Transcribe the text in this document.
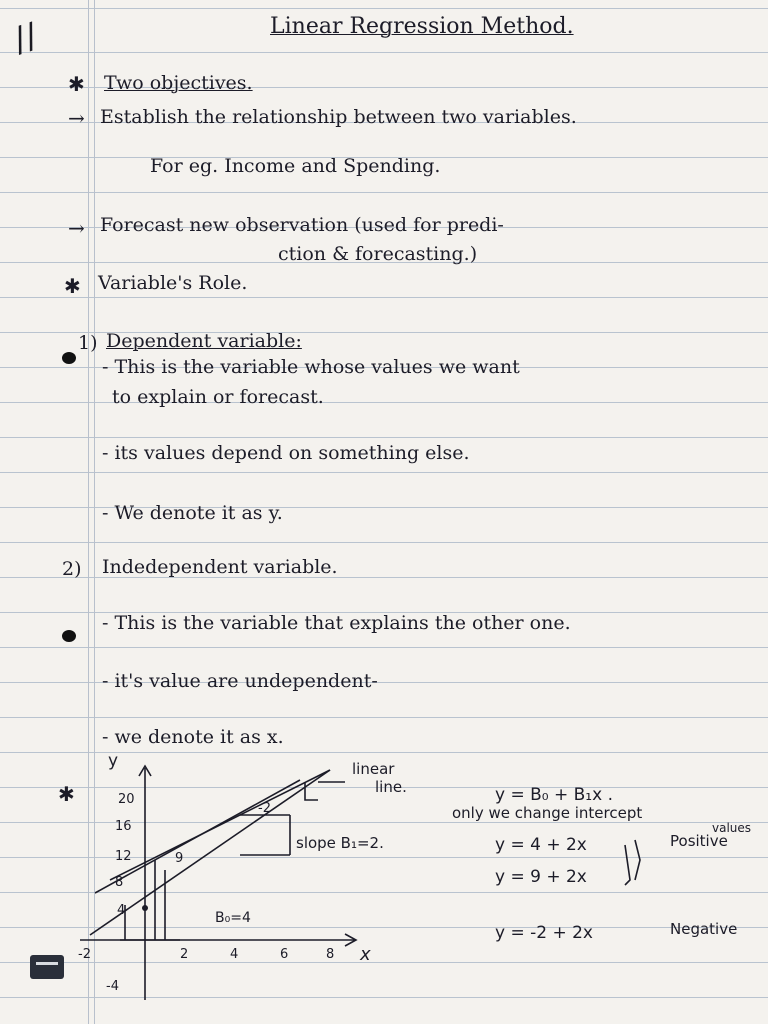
//	Linear Regression Method.
✱ Two objectives.
→ Establish the relationship between two variables.
For eg. Income and Spending.
→ Forecast new observation (used for predi-
ction & forecasting.)
✱ Variable's Role.
1) Dependent variable:
- This is the variable whose values we want
to explain or forecast.
- its values depend on something else.
- We denote it as y.
2) Indedependent variable.
- This is the variable that explains the other one.
- it's value are undependent-
- we denote it as x.
✱
y
x
20
16
12
8
4
-4
-2	2	4	6	8
-2
9
slope B₁=2.
B₀=4
linear
line.	y = B₀ + B₁x .
only we change intercept
values
y = 4 + 2x	Positive
y = 9 + 2x
y = -2 + 2x	Negative
